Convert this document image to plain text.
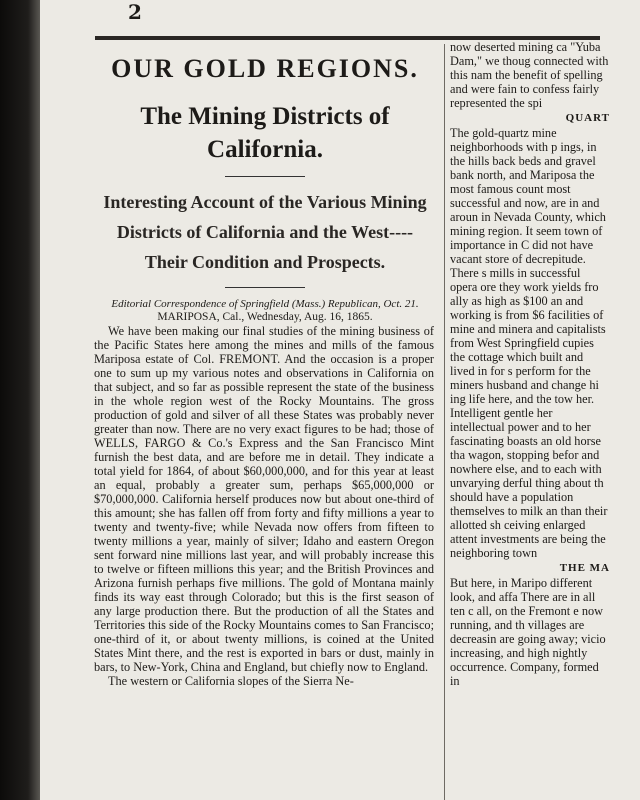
2
OUR GOLD REGIONS.
The Mining Districts of California.
Interesting Account of the Various Mining Districts of California and the West----Their Condition and Prospects.
Editorial Correspondence of Springfield (Mass.) Republican, Oct. 21.
MARIPOSA, Cal., Wednesday, Aug. 16, 1865.

We have been making our final studies of the mining business of the Pacific States here among the mines and mills of the famous Mariposa estate of Col. FREMONT. And the occasion is a proper one to sum up my various notes and observations in California on that subject, and so far as possible represent the state of the business in the whole region west of the Rocky Mountains. The gross production of gold and silver of all these States was probably never greater than now. There are no very exact figures to be had; those of WELLS, FARGO & Co.'s Express and the San Francisco Mint furnish the best data, and are before me in detail. They indicate a total yield for 1864, of about $60,000,000, and for this year at least an equal, probably a greater sum, perhaps $65,000,000 or $70,000,000. California herself produces now but about one-third of this amount; she has fallen off from forty and fifty millions a year to twenty and twenty-five; while Nevada now offers from fifteen to twenty millions a year, mainly of silver; Idaho and eastern Oregon sent forward nine millions last year, and will probably increase this to twelve or fifteen millions this year; and the British Provinces and Arizona furnish perhaps five millions. The gold of Montana mainly finds its way east through Colorado; but this is the first season of any large production there. But the production of all the States and Territories this side of the Rocky Mountains comes to San Francisco; one-third of it, or about twenty millions, is coined at the United States Mint there, and the rest is exported in bars or dust, mainly in bars, to New-York, China and England, but chiefly now to England.

The western or California slopes of the Sierra Ne-

now deserted mining ca "Yuba Dam," we thoug connected with this nam the benefit of spelling and were fain to confess fairly represented the spi

QUART

The gold-quartz mine neighborhoods with p ings, in the hills back beds and gravel bank north, and Mariposa the most famous count most successful and now, are in and aroun in Nevada County, which mining region. It seem town of importance in C did not have vacant store of decrepitude. There s mills in successful opera ore they work yields fro ally as high as $100 an and working is from $6 facilities of mine and minera and capitalists from West Springfield cupies the cottage which built and lived in for s perform for the miners husband and change hi ing life here, and the tow her. Intelligent gentle her intellectual power and to her fascinating boasts an old horse tha wagon, stopping befor and nowhere else, and to each with unvarying derful thing about th should have a population themselves to milk an than their allotted sh ceiving enlarged attent investments are being the neighboring town

THE MA

But here, in Maripo different look, and affa There are in all ten c all, on the Fremont e now running, and th villages are decreasin are going away; vicio increasing, and high nightly occurrence. Company, formed in
